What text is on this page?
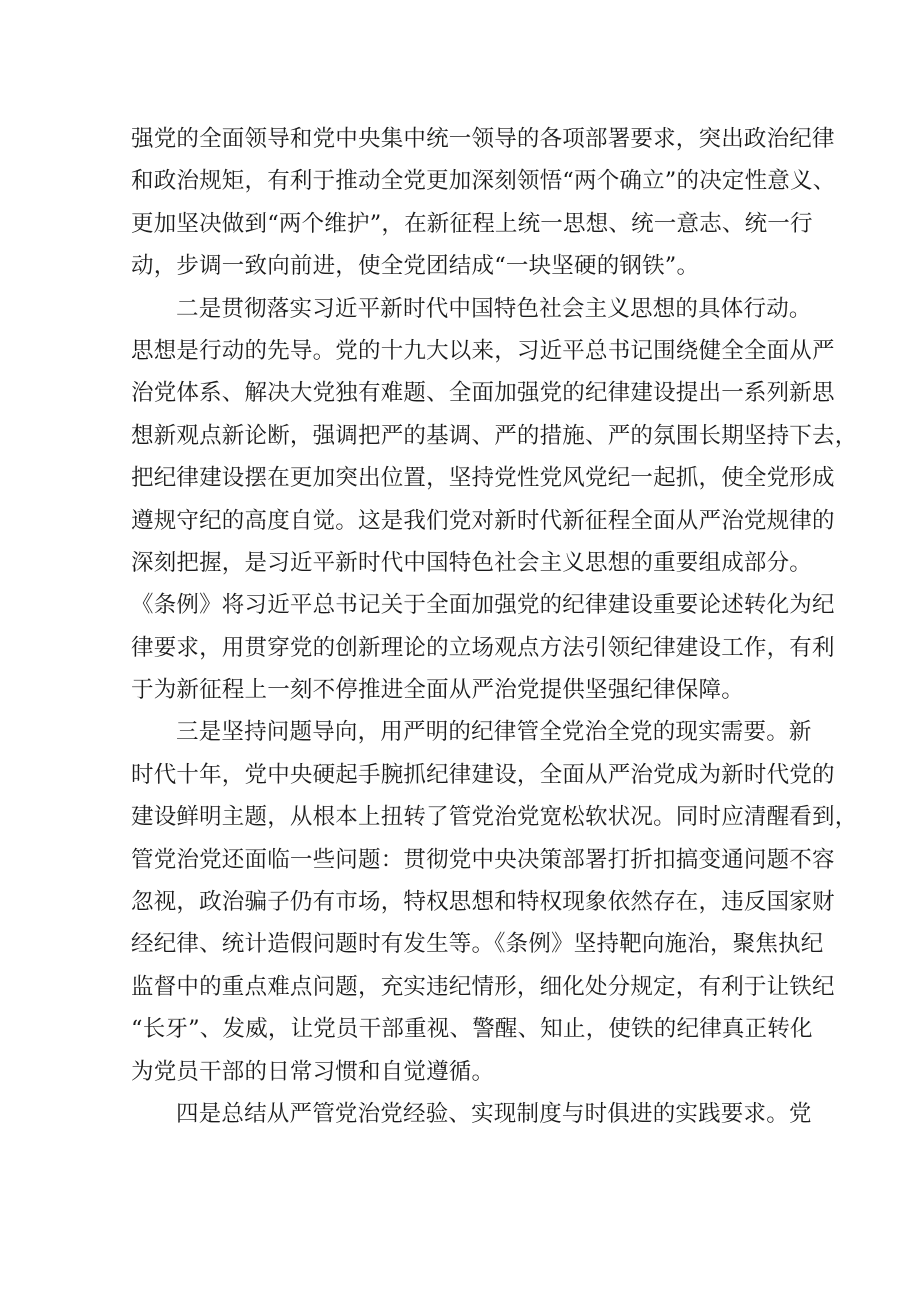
强党的全面领导和党中央集中统一领导的各项部署要求，突出政治纪律
和政治规矩，有利于推动全党更加深刻领悟“两个确立”的决定性意义、
更加坚决做到“两个维护”，在新征程上统一思想、统一意志、统一行
动，步调一致向前进，使全党团结成“一块坚硬的钢铁”。
二是贯彻落实习近平新时代中国特色社会主义思想的具体行动。
思想是行动的先导。党的十九大以来，习近平总书记围绕健全全面从严
治党体系、解决大党独有难题、全面加强党的纪律建设提出一系列新思
想新观点新论断，强调把严的基调、严的措施、严的氛围长期坚持下去，
把纪律建设摆在更加突出位置，坚持党性党风党纪一起抓，使全党形成
遵规守纪的高度自觉。这是我们党对新时代新征程全面从严治党规律的
深刻把握，是习近平新时代中国特色社会主义思想的重要组成部分。
《条例》将习近平总书记关于全面加强党的纪律建设重要论述转化为纪
律要求，用贯穿党的创新理论的立场观点方法引领纪律建设工作，有利
于为新征程上一刻不停推进全面从严治党提供坚强纪律保障。
三是坚持问题导向，用严明的纪律管全党治全党的现实需要。新
时代十年，党中央硬起手腕抓纪律建设，全面从严治党成为新时代党的
建设鲜明主题，从根本上扭转了管党治党宽松软状况。同时应清醒看到，
管党治党还面临一些问题：贯彻党中央决策部署打折扣搞变通问题不容
忽视，政治骗子仍有市场，特权思想和特权现象依然存在，违反国家财
经纪律、统计造假问题时有发生等。《条例》坚持靶向施治，聚焦执纪
监督中的重点难点问题，充实违纪情形，细化处分规定，有利于让铁纪
“长牙”、发威，让党员干部重视、警醒、知止，使铁的纪律真正转化
为党员干部的日常习惯和自觉遵循。
四是总结从严管党治党经验、实现制度与时俱进的实践要求。党
